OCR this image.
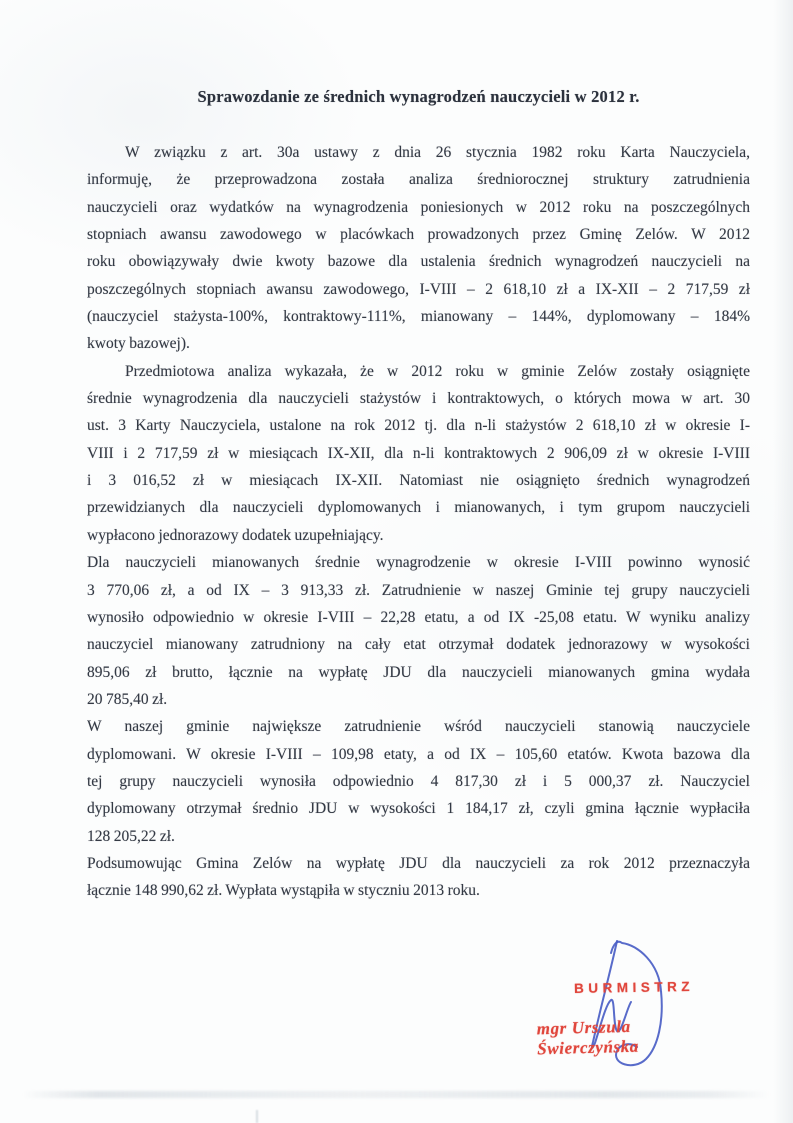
Sprawozdanie ze średnich wynagrodzeń nauczycieli w 2012 r.
W związku z art. 30a ustawy z dnia 26 stycznia 1982 roku Karta Nauczyciela,
informuję, że przeprowadzona została analiza średniorocznej struktury zatrudnienia
nauczycieli oraz wydatków na wynagrodzenia poniesionych w 2012 roku na poszczególnych
stopniach awansu zawodowego w placówkach prowadzonych przez Gminę Zelów. W 2012
roku obowiązywały dwie kwoty bazowe dla ustalenia średnich wynagrodzeń nauczycieli na
poszczególnych stopniach awansu zawodowego, I-VIII – 2 618,10 zł a IX-XII – 2 717,59 zł
(nauczyciel stażysta-100%, kontraktowy-111%, mianowany – 144%, dyplomowany – 184%
kwoty bazowej).
Przedmiotowa analiza wykazała, że w 2012 roku w gminie Zelów zostały osiągnięte
średnie wynagrodzenia dla nauczycieli stażystów i kontraktowych, o których mowa w art. 30
ust. 3 Karty Nauczyciela, ustalone na rok 2012 tj. dla n-li stażystów 2 618,10 zł w okresie I-
VIII i 2 717,59 zł w miesiącach IX-XII, dla n-li kontraktowych 2 906,09 zł w okresie I-VIII
i 3 016,52 zł w miesiącach IX-XII. Natomiast nie osiągnięto średnich wynagrodzeń
przewidzianych dla nauczycieli dyplomowanych i mianowanych, i tym grupom nauczycieli
wypłacono jednorazowy dodatek uzupełniający.
Dla nauczycieli mianowanych średnie wynagrodzenie w okresie I-VIII powinno wynosić
3 770,06 zł, a od IX – 3 913,33 zł. Zatrudnienie w naszej Gminie tej grupy nauczycieli
wynosiło odpowiednio w okresie I-VIII – 22,28 etatu, a od IX -25,08 etatu. W wyniku analizy
nauczyciel mianowany zatrudniony na cały etat otrzymał dodatek jednorazowy w wysokości
895,06 zł brutto, łącznie na wypłatę JDU dla nauczycieli mianowanych gmina wydała
20 785,40 zł.
W naszej gminie największe zatrudnienie wśród nauczycieli stanowią nauczyciele
dyplomowani. W okresie I-VIII – 109,98 etaty, a od IX – 105,60 etatów. Kwota bazowa dla
tej grupy nauczycieli wynosiła odpowiednio 4 817,30 zł i 5 000,37 zł. Nauczyciel
dyplomowany otrzymał średnio JDU w wysokości 1 184,17 zł, czyli gmina łącznie wypłaciła
128 205,22 zł.
Podsumowując Gmina Zelów na wypłatę JDU dla nauczycieli za rok 2012 przeznaczyła
łącznie 148 990,62 zł. Wypłata wystąpiła w styczniu 2013 roku.
BURMISTRZ
mgr Urszula Świerczyńska
